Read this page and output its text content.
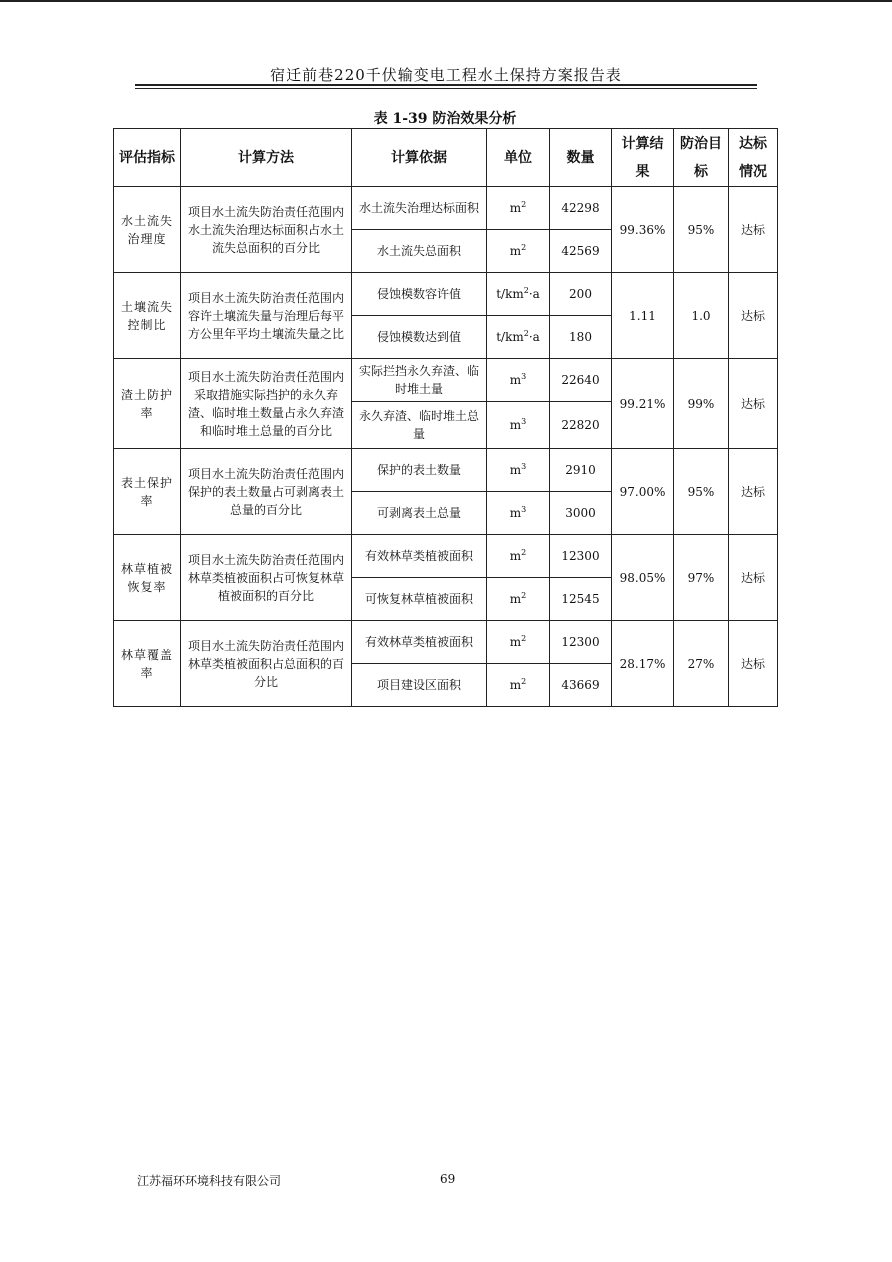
宿迁前巷220千伏输变电工程水土保持方案报告表
表 1-39 防治效果分析
评估指标	计算方法	计算依据	单位	数量	计算结果	防治目标	达标情况
水土流失治理度	项目水土流失防治责任范围内水土流失治理达标面积占水土流失总面积的百分比	水土流失治理达标面积	$m^2$	42298	99.36%	95%	达标
		水土流失总面积	$m^2$	42569			
土壤流失控制比	项目水土流失防治责任范围内容许土壤流失量与治理后每平方公里年平均土壤流失量之比	侵蚀模数容许值	$t/km^2\cdot a$	200	1.11	1.0	达标
		侵蚀模数达到值	$t/km^2\cdot a$	180			
渣土防护率	项目水土流失防治责任范围内采取措施实际挡护的永久弃渣、临时堆土数量占永久弃渣和临时堆土总量的百分比	实际拦挡永久弃渣、临时堆土量	$m^3$	22640	99.21%	99%	达标
		永久弃渣、临时堆土总量	$m^3$	22820			
表土保护率	项目水土流失防治责任范围内保护的表土数量占可剥离表土总量的百分比	保护的表土数量	$m^3$	2910	97.00%	95%	达标
		可剥离表土总量	$m^3$	3000			
林草植被恢复率	项目水土流失防治责任范围内林草类植被面积占可恢复林草植被面积的百分比	有效林草类植被面积	$m^2$	12300	98.05%	97%	达标
		可恢复林草植被面积	$m^2$	12545			
林草覆盖率	项目水土流失防治责任范围内林草类植被面积占总面积的百分比	有效林草类植被面积	$m^2$	12300	28.17%	27%	达标
		项目建设区面积	$m^2$	43669			
江苏福环环境科技有限公司	69
